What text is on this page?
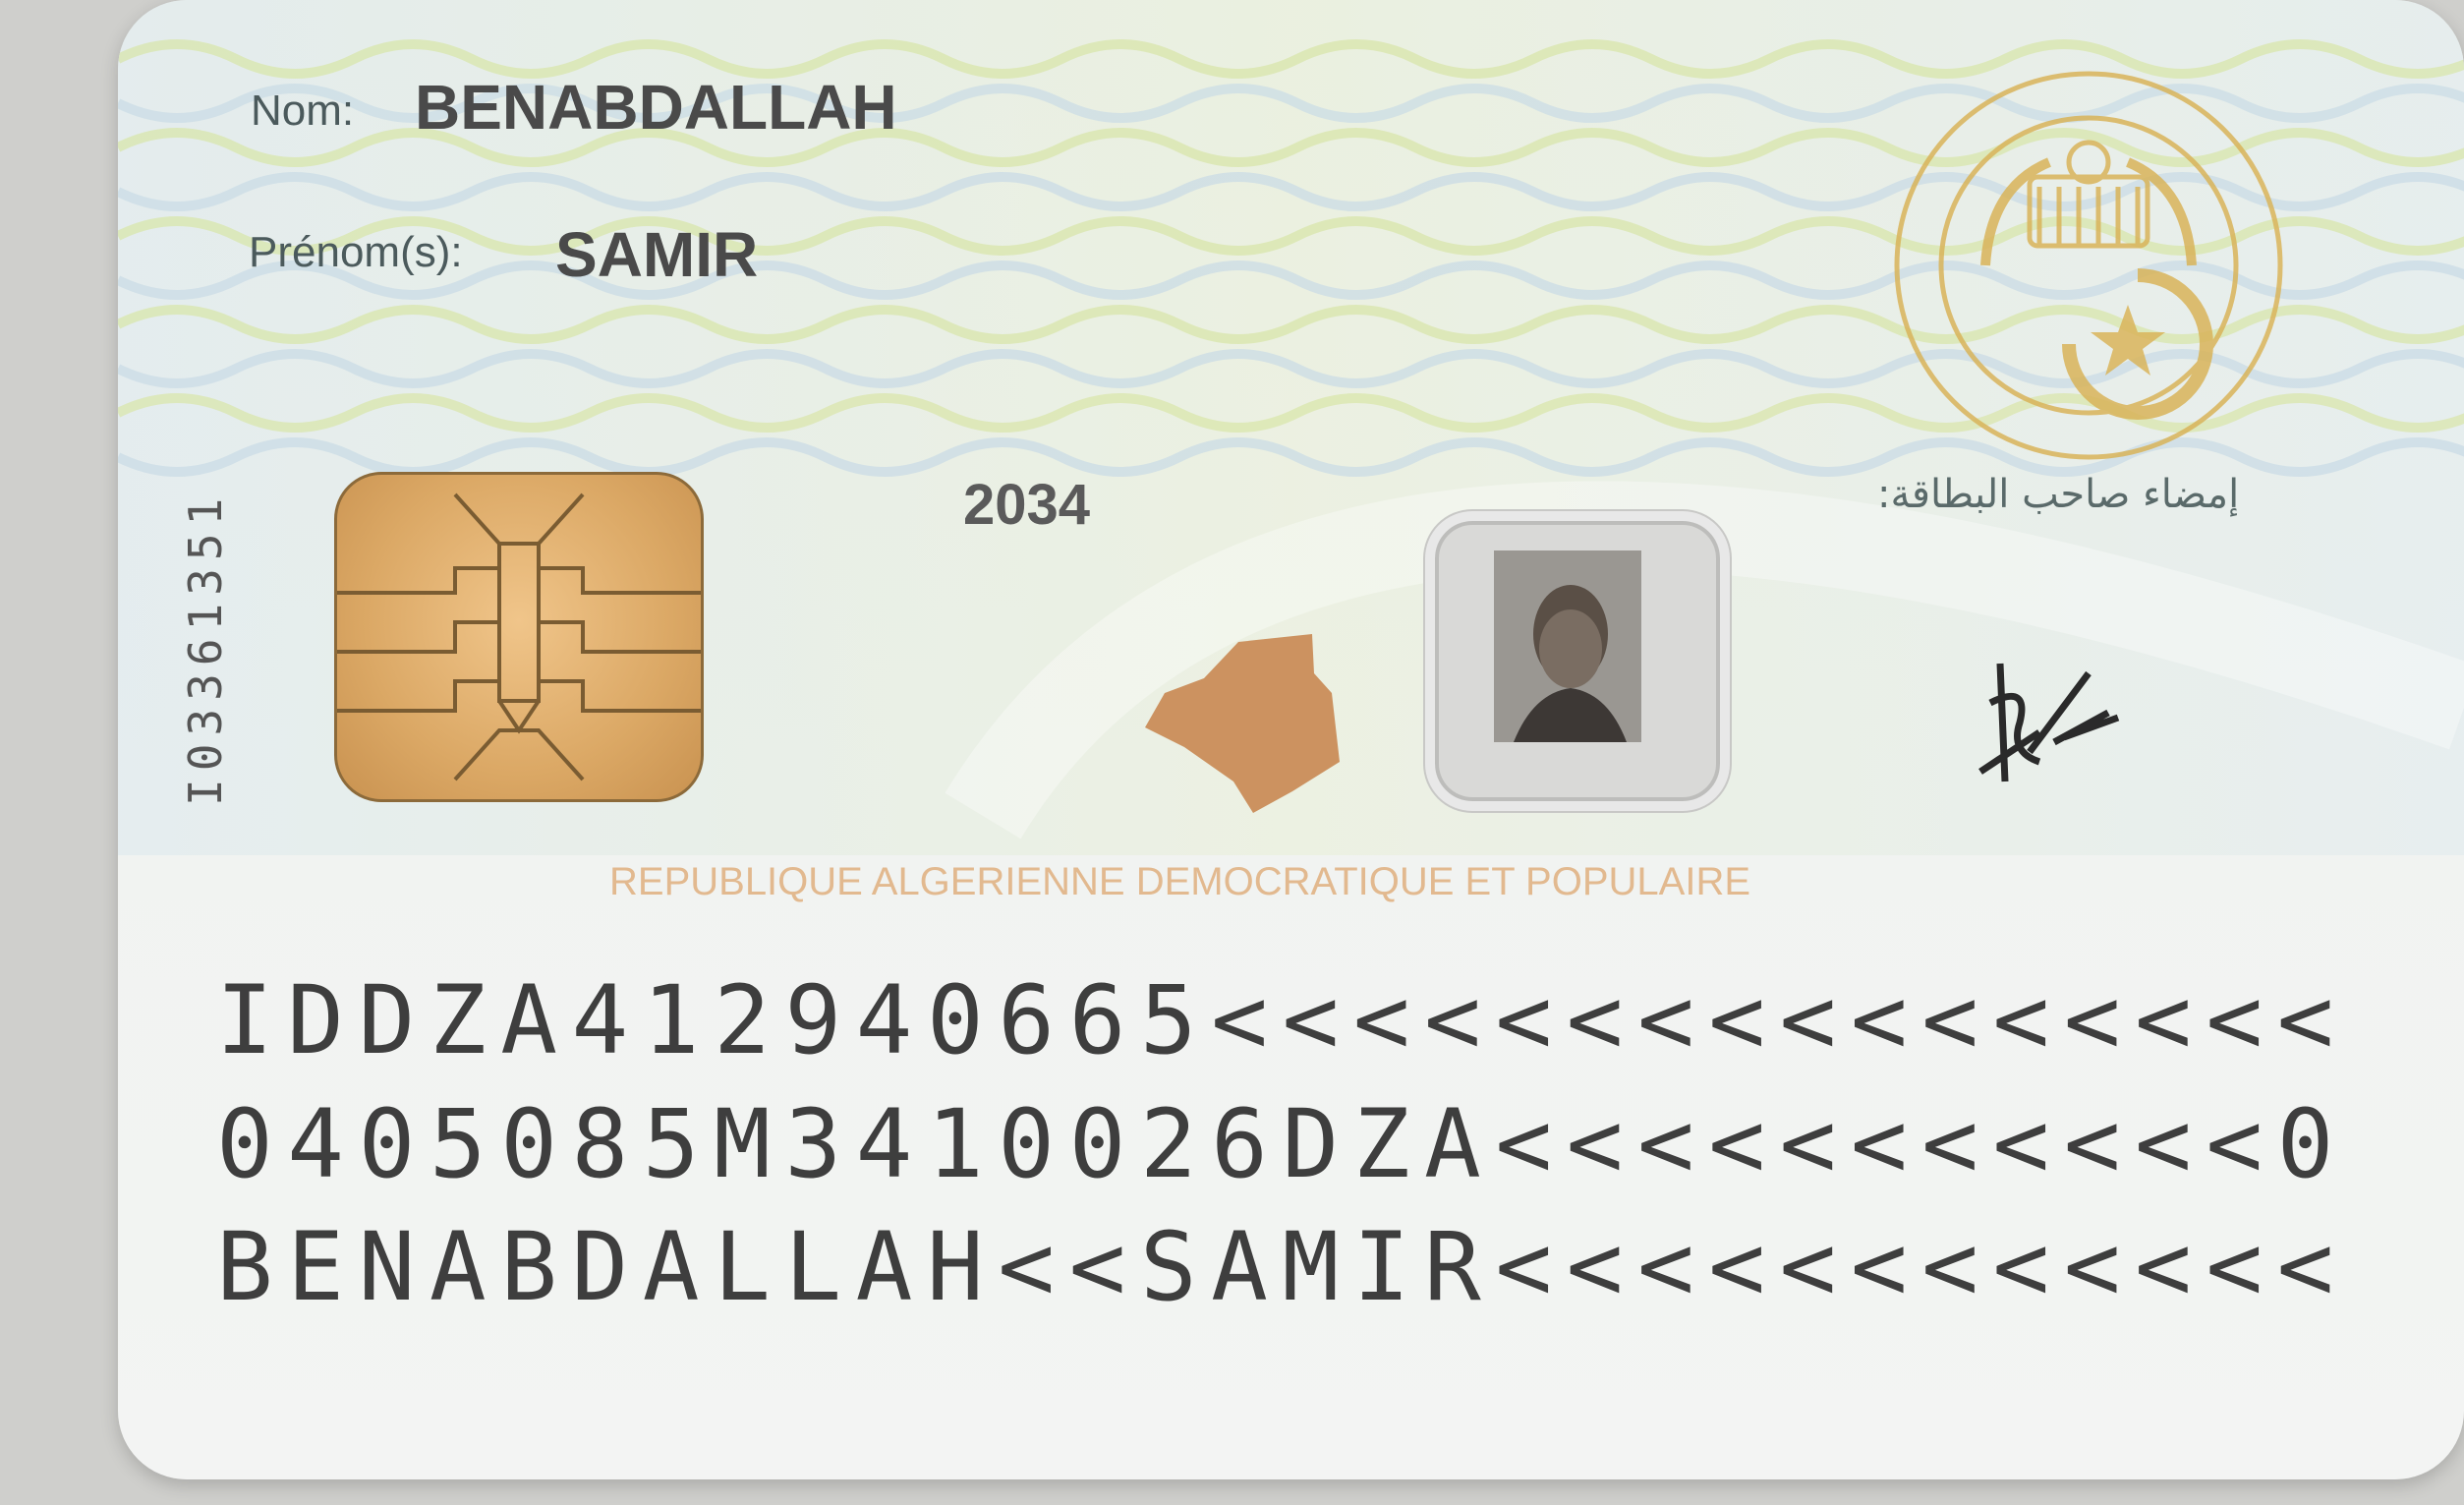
Nom: BENABDALLAH
Prénom(s): SAMIR
I03361351	2034	إمضاء صاحب البطاقة:
REPUBLIQUE ALGERIENNE DEMOCRATIQUE ET POPULAIRE
IDDZA412940665<<<<<<<<<<<<<<<<
0405085M3410026DZA<<<<<<<<<<<0
BENABDALLAH<<SAMIR<<<<<<<<<<<<
